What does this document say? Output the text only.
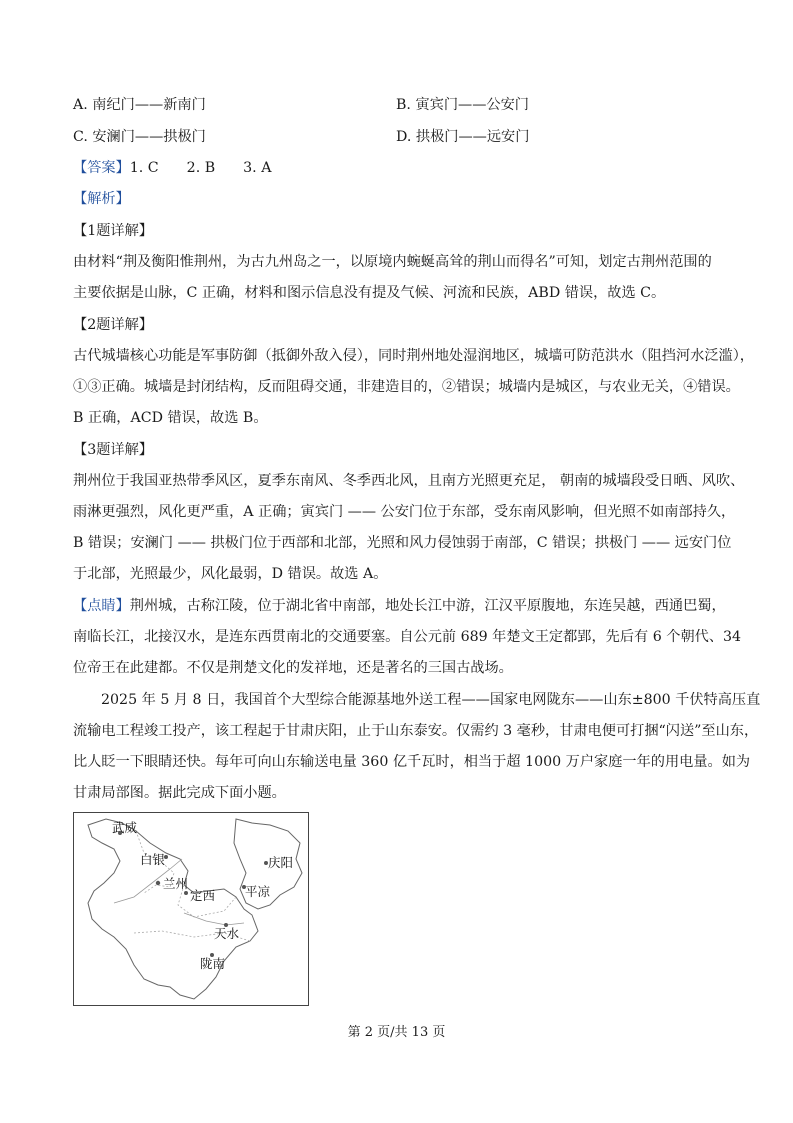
A. 南纪门——新南门	B. 寅宾门——公安门
C. 安澜门——拱极门	D. 拱极门——远安门
【答案】1. C 2. B 3. A
【解析】
【1题详解】
由材料“荆及衡阳惟荆州，为古九州岛之一，以原境内蜿蜒高耸的荆山而得名”可知，划定古荆州范围的
主要依据是山脉，C 正确，材料和图示信息没有提及气候、河流和民族，ABD 错误，故选 C。
【2题详解】
古代城墙核心功能是军事防御（抵御外敌入侵），同时荆州地处湿润地区，城墙可防范洪水（阻挡河水泛滥），
①③正确。城墙是封闭结构，反而阻碍交通，非建造目的，②错误；城墙内是城区，与农业无关，④错误。
B 正确，ACD 错误，故选 B。
【3题详解】
荆州位于我国亚热带季风区，夏季东南风、冬季西北风，且南方光照更充足， 朝南的城墙段受日晒、风吹、
雨淋更强烈，风化更严重，A 正确；寅宾门 —— 公安门位于东部，受东南风影响，但光照不如南部持久，
B 错误；安澜门 —— 拱极门位于西部和北部，光照和风力侵蚀弱于南部，C 错误；拱极门 —— 远安门位
于北部，光照最少，风化最弱，D 错误。故选 A。
【点睛】荆州城，古称江陵，位于湖北省中南部，地处长江中游，江汉平原腹地，东连吴越，西通巴蜀，
南临长江，北接汉水，是连东西贯南北的交通要塞。自公元前 689 年楚文王定都郢，先后有 6 个朝代、34
位帝王在此建都。不仅是荆楚文化的发祥地，还是著名的三国古战场。
2025 年 5 月 8 日，我国首个大型综合能源基地外送工程——国家电网陇东——山东±800 千伏特高压直
流输电工程竣工投产，该工程起于甘肃庆阳，止于山东泰安。仅需约 3 毫秒，甘肃电便可打捆“闪送”至山东，
比人眨一下眼睛还快。每年可向山东输送电量 360 亿千瓦时，相当于超 1000 万户家庭一年的用电量。如为
甘肃局部图。据此完成下面小题。
武威
白银	庆阳
兰州
定西 平凉
天水
陇南
第 2 页/共 13 页
